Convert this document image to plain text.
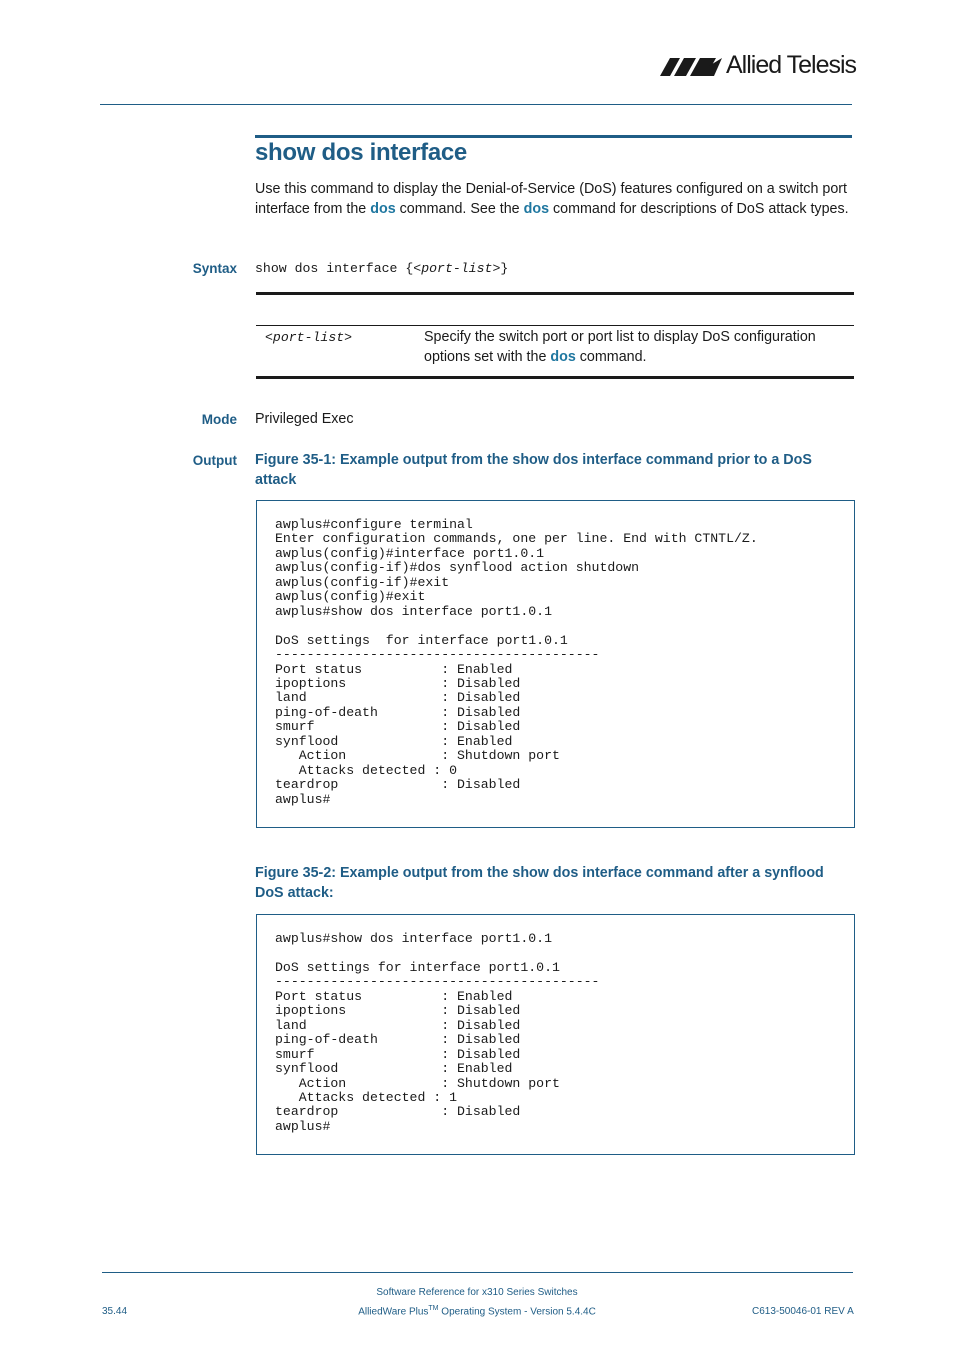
Allied Telesis
show dos interface
Use this command to display the Denial-of-Service (DoS) features configured on a switch port interface from the dos command. See the dos command for descriptions of DoS attack types.
Syntax show dos interface {<port-list>}
<port-list>	Specify the switch port or port list to display DoS configuration options set with the dos command.
Mode Privileged Exec
Output Figure 35-1: Example output from the show dos interface command prior to a DoS attack
awplus#configure terminal
Enter configuration commands, one per line. End with CTNTL/Z.
awplus(config)#interface port1.0.1
awplus(config-if)#dos synflood action shutdown
awplus(config-if)#exit
awplus(config)#exit
awplus#show dos interface port1.0.1

DoS settings  for interface port1.0.1
-----------------------------------------
Port status          : Enabled
ipoptions            : Disabled
land                 : Disabled
ping-of-death        : Disabled
smurf                : Disabled
synflood             : Enabled
Action            : Shutdown port
Attacks detected : 0
teardrop             : Disabled
awplus#
Figure 35-2: Example output from the show dos interface command after a synflood DoS attack:
awplus#show dos interface port1.0.1

DoS settings for interface port1.0.1
-----------------------------------------
Port status          : Enabled
ipoptions            : Disabled
land                 : Disabled
ping-of-death        : Disabled
smurf                : Disabled
synflood             : Enabled
Action            : Shutdown port
Attacks detected : 1
teardrop             : Disabled
awplus#
Software Reference for x310 Series Switches
AlliedWare Plus™ Operating System - Version 5.4.4C
35.44	C613-50046-01 REV A
